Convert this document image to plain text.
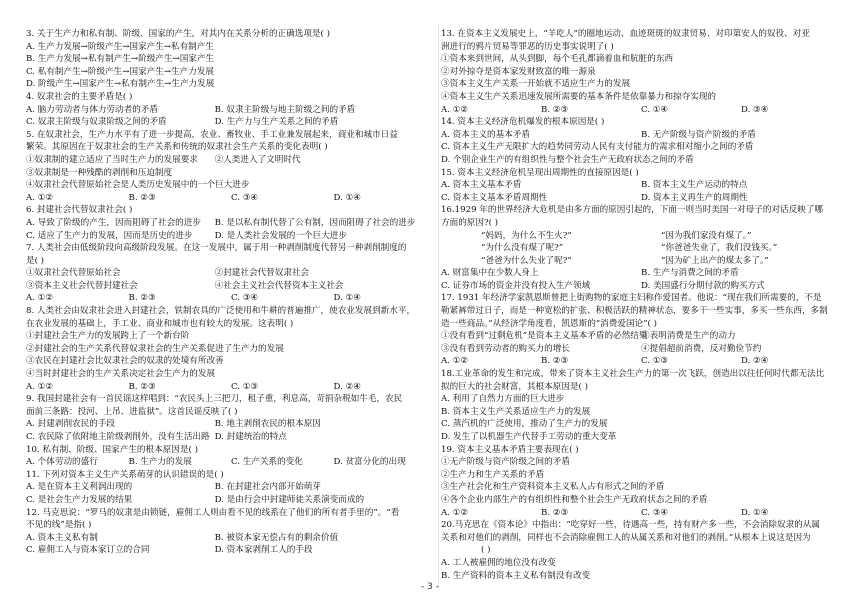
3. 关于生产力和私有制、阶级、国家的产生，对其内在关系分析的正确选项是( )
A. 生产力发展→阶级产生→国家产生→私有制产生
B. 生产力发展→私有制产生→阶级产生→国家产生
C. 私有制产生→阶级产生→国家产生→生产力发展
D. 阶级产生→国家产生→私有制产生→生产力发展
4. 奴隶社会的主要矛盾是( )
A. 脑力劳动者与体力劳动者的矛盾	B. 奴隶主阶级与地主阶级之间的矛盾
C. 奴隶主阶级与奴隶阶级之间的矛盾	D. 生产力与生产关系之间的矛盾
5. 在奴隶社会，生产力水平有了进一步提高，农业、畜牧业、手工业兼发展起来，商业和城市日益
繁荣。其原因在于奴隶社会的生产关系和传统的奴隶社会生产关系的变化表明( )
①奴隶制的建立适应了当时生产力的发展要求	②人类进入了文明时代
③奴隶制是一种残酷的剥削和压迫制度
④奴隶社会代替原始社会是人类历史发展中的一个巨大进步
A. ①②	B. ②③	C. ③④	D. ①④
6. 封建社会代替奴隶社会( )
A. 导致了阶级的产生，因而阻碍了社会的进步	B. 是以私有制代替了公有制，因而阻碍了社会的进步
C. 适应了生产力的发展，因而是历史的进步	D. 是人类社会发展的一个巨大进步
7. 人类社会由低级阶段向高级阶段发展。在这一发展中，属于用一种剥削制度代替另一种剥削制度的
是( )
①奴隶社会代替原始社会	②封建社会代替奴隶社会
③资本主义社会代替封建社会	④社会主义社会代替资本主义社会
A. ①②	B. ②③	C. ③④	D. ①④
8. 人类社会由奴隶社会进入封建社会，铁制农具的广泛使用和牛耕的普遍推广，使农业发展到新水平，
在农业发展的基础上，手工业、商业和城市也有较大的发展。这表明( )
①封建社会生产力的发展跨上了一个新台阶
②封建社会的生产关系代替奴隶社会的生产关系促进了生产力的发展
③农民在封建社会比奴隶社会的奴隶的处境有所改善
④当时封建社会的生产关系决定社会生产力的发展
A. ①②	B. ②③	C. ①③	D. ②④
9. 我国封建社会有一首民谣这样唱到：“农民头上三把刀，租子重，利息高，苛捐杂税如牛毛，农民
面前三条路：投河、上吊、进监狱”。这首民谣反映了( )
A. 封建剥削农民的手段	B. 地主剥削农民的根本原因
C. 农民除了依附地主阶级剥削外，没有生活出路 D. 封建统治的特点
10. 私有制、阶级、国家产生的根本原因是( )
A. 个体劳动的盛行	B. 生产力的发展	C. 生产关系的变化	D. 贫富分化的出现
11. 下列对资本主义生产关系萌芽的认识错误的是( )
A. 是在资本主义利润出现的	B. 在封建社会内部开始萌芽
C. 是社会生产力发展的结果	D. 是由行会中封建师徒关系演变而成的
12. 马克思说：“罗马的奴隶是由锁链，雇佣工人则由看不见的线系在了他们的所有者手里的”。“看
不见的线”是指( )
A. 资本主义私有制	B. 被资本家无偿占有的剩余价值
C. 雇佣工人与资本家订立的合同	D. 资本家剥削工人的手段
13. 在资本主义发展史上，“羊吃人”的圈地运动、血迹斑斑的奴隶贸易、对印第安人的奴役、对亚
洲进行的鸦片贸易等罪恶的历史事实说明了( )
①资本来到世间，从头到脚，每个毛孔都滴着血和肮脏的东西
②对外掠夺是资本家发财致富的唯一源泉
③资本主义生产关系一开始就不适应生产力的发展
④资本主义生产关系迅速发展所需要的基本条件是依靠暴力和掠夺实现的
A. ①②	B. ②③	C. ①④	D. ③④
14. 资本主义经济危机爆发的根本原因是( )
A. 资本主义的基本矛盾	B. 无产阶级与资产阶级的矛盾
C. 资本主义生产无限扩大的趋势同劳动人民有支付能力的需求相对缩小之间的矛盾
D. 个别企业生产的有组织性与整个社会生产无政府状态之间的矛盾
15. 资本主义经济危机呈现出周期性的直接原因是( )
A. 资本主义基本矛盾	B. 资本主义生产运动的特点
C. 资本主义基本矛盾周期性	D. 资本主义再生产的周期性
16.1929 年的世界经济大危机是由多方面的原因引起的，下面一则当时美国一对母子的对话反映了哪
方面的原因?( )
“妈妈，为什么不生火?”	“因为我们家没有煤了。”
“为什么没有煤了呢?”	“你爸爸失业了，我们没钱买。”
“爸爸为什么失业了呢?”	“因为矿上出产的煤太多了。”
A. 财富集中在少数人身上	B. 生产与消费之间的矛盾
C. 证券市场的资金并没有投入生产领域	D. 美国盛行分期付款的购买方式
17. 1931 年经济学家凯恩斯曾把上街购物的家庭主妇称作爱国者。他说：“现在我们所需要的，不是
勒紧裤带过日子，而是一种宽松的扩张、积极活跃的精神状态，要多干一些实事，多买一些东西，多制
造一些商品。”从经济学角度看，凯恩斯的“消费爱国论”( )
①没有看到“过剩危机”是资本主义基本矛盾的必然结果
②表明消费是生产的动力
③没有看到劳动者的购买力的增长	④提倡超前消费，反对勤俭节约
A. ①②	B. ②③	C. ①③	D. ②④
18.工业革命的发生和完成，带来了资本主义社会生产力的第一次飞跃，创造出以往任何时代都无法比
拟的巨大的社会财富，其根本原因是( )
A. 利用了自然力方面的巨大进步
B. 资本主义生产关系适应生产力的发展
C. 蒸汽机的广泛使用，推动了生产力的发展
D. 发生了以机器生产代替手工劳动的重大变革
19. 资本主义基本矛盾主要表现在( )
①无产阶级与资产阶级之间的矛盾
②生产力和生产关系的矛盾
③生产社会化和生产资料资本主义私人占有形式之间的矛盾
④各个企业内部生产的有组织性和整个社会生产无政府状态之间的矛盾
A. ①②	B. ②③	C. ③④	D. ①④
20.马克思在《资本论》中指出：“吃穿好一些，待遇高一些，持有财产多一些，不会消除奴隶的从属
关系和对他们的剥削，同样也不会消除雇佣工人的从属关系和对他们的剥削。”从根本上说这是因为
( )
A. 工人被雇佣的地位没有改变
B. 生产资料的资本主义私有制没有改变
- 3 -
